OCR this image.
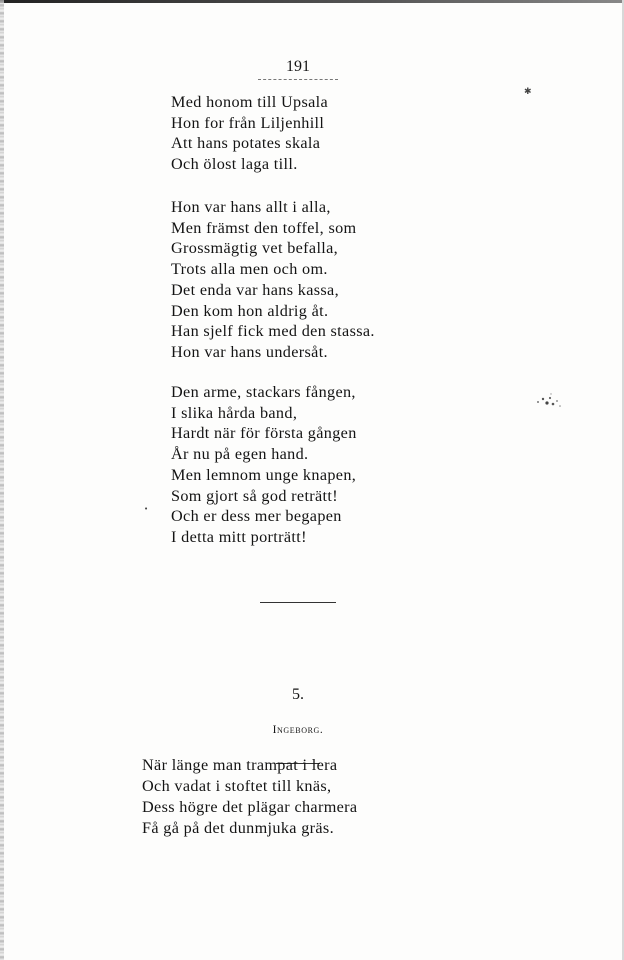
191
Med honom till Upsala
Hon for från Liljenhill
Att hans potates skala
Och ölost laga till.
Hon var hans allt i alla,
Men främst den toffel, som
Grossmägtig vet befalla,
Trots alla men och om.
Det enda var hans kassa,
Den kom hon aldrig åt.
Han sjelf fick med den stassa.
Hon var hans undersåt.
Den arme, stackars fången,
I slika hårda band,
Hardt när för första gången
År nu på egen hand.
Men lemnom unge knapen,
Som gjort så god reträtt!
Och er dess mer begapen
I detta mitt porträtt!
5.
Ingeborg.
När länge man trampat i lera
Och vadat i stoftet till knäs,
Dess högre det plägar charmera
Få gå på det dunmjuka gräs.
✱
•
